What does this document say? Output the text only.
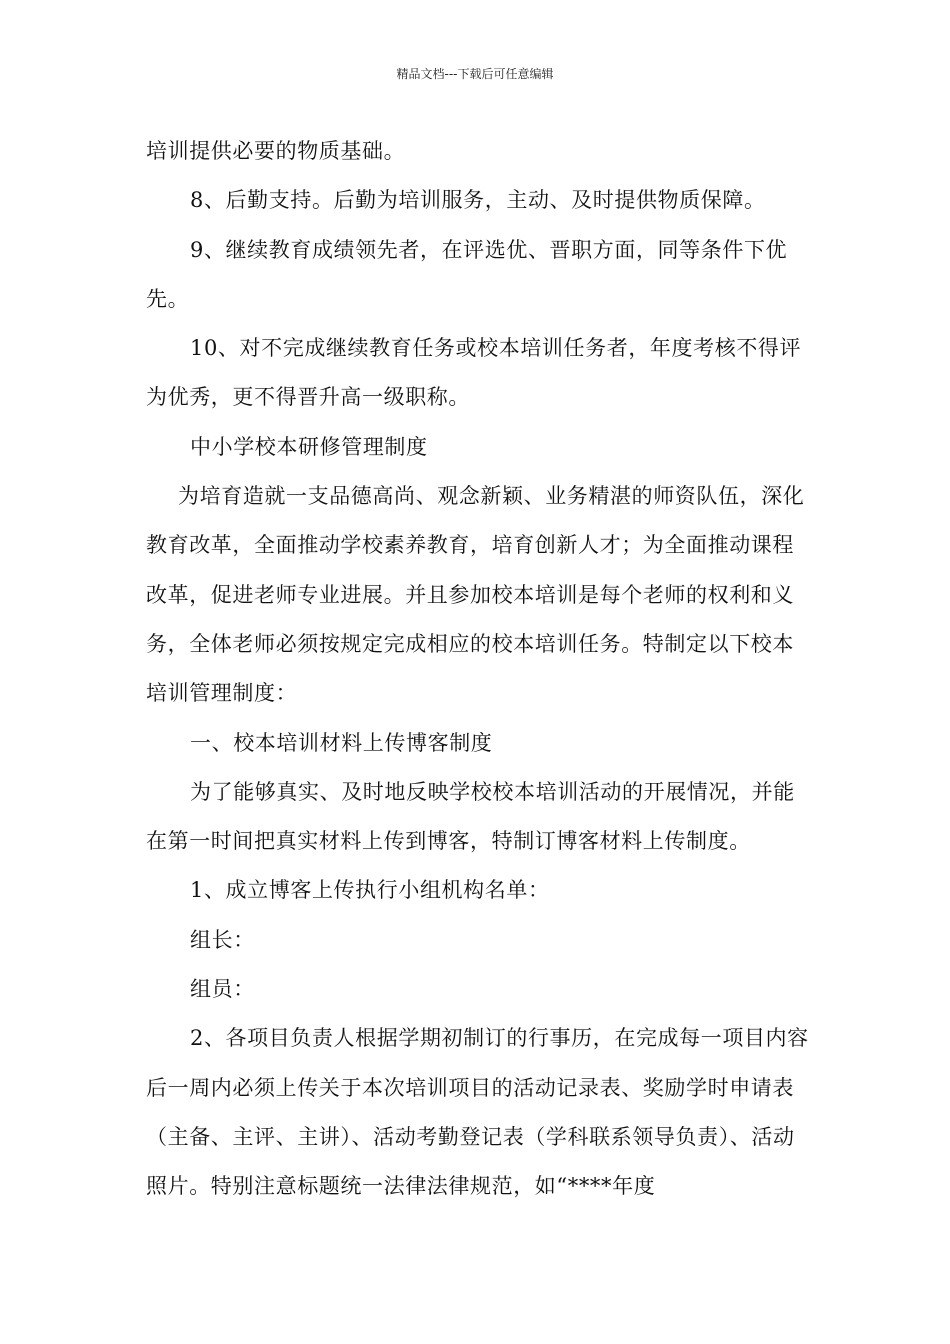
精品文档---下载后可任意编辑

培训提供必要的物质基础。

8、后勤支持。后勤为培训服务，主动、及时提供物质保障。

9、继续教育成绩领先者，在评选优、晋职方面，同等条件下优先。

10、对不完成继续教育任务或校本培训任务者，年度考核不得评为优秀，更不得晋升高一级职称。

中小学校本研修管理制度

为培育造就一支品德高尚、观念新颖、业务精湛的师资队伍，深化教育改革，全面推动学校素养教育，培育创新人才；为全面推动课程改革，促进老师专业进展。并且参加校本培训是每个老师的权利和义务，全体老师必须按规定完成相应的校本培训任务。特制定以下校本培训管理制度：

一、校本培训材料上传博客制度

为了能够真实、及时地反映学校校本培训活动的开展情况，并能在第一时间把真实材料上传到博客，特制订博客材料上传制度。

1、成立博客上传执行小组机构名单：

组长：

组员：

2、各项目负责人根据学期初制订的行事历，在完成每一项目内容后一周内必须上传关于本次培训项目的活动记录表、奖励学时申请表（主备、主评、主讲）、活动考勤登记表（学科联系领导负责）、活动照片。特别注意标题统一法律法律规范，如“****年度
